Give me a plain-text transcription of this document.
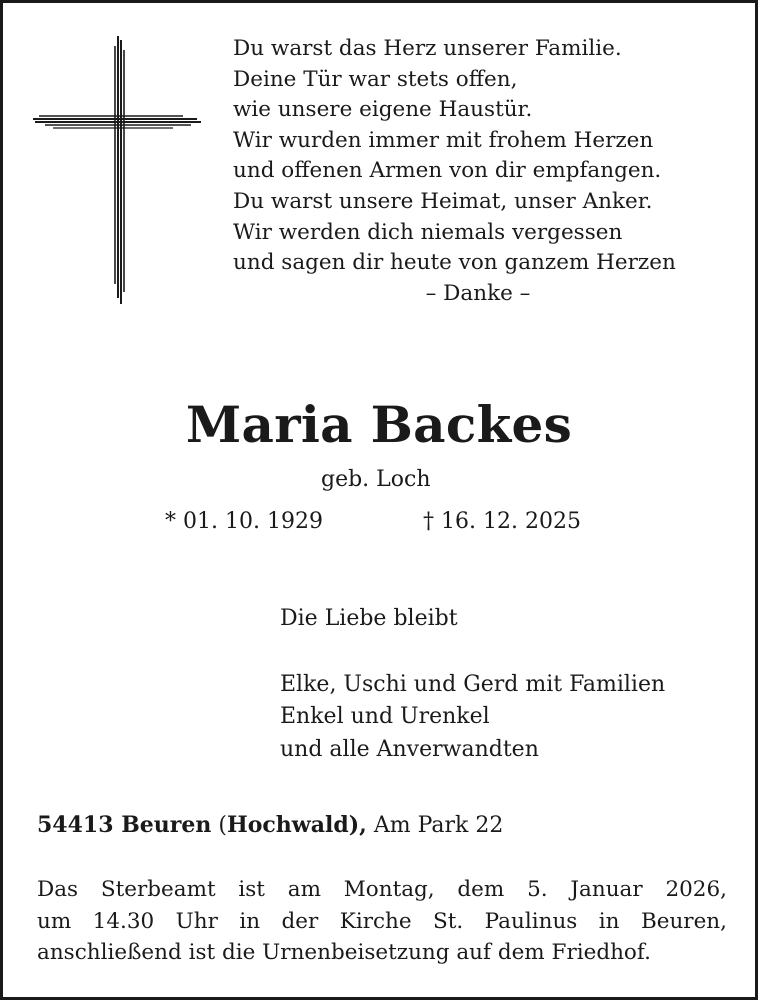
Du warst das Herz unserer Familie.
Deine Tür war stets offen,
wie unsere eigene Haustür.
Wir wurden immer mit frohem Herzen
und offenen Armen von dir empfangen.
Du warst unsere Heimat, unser Anker.
Wir werden dich niemals vergessen
und sagen dir heute von ganzem Herzen
– Danke –
Maria Backes
geb. Loch
* 01. 10. 1929	† 16. 12. 2025
Die Liebe bleibt
Elke, Uschi und Gerd mit Familien
Enkel und Urenkel
und alle Anverwandten
54413 Beuren (Hochwald), Am Park 22
Das Sterbeamt ist am Montag, dem 5. Januar 2026,
um 14.30 Uhr in der Kirche St. Paulinus in Beuren,
anschließend ist die Urnenbeisetzung auf dem Friedhof.
